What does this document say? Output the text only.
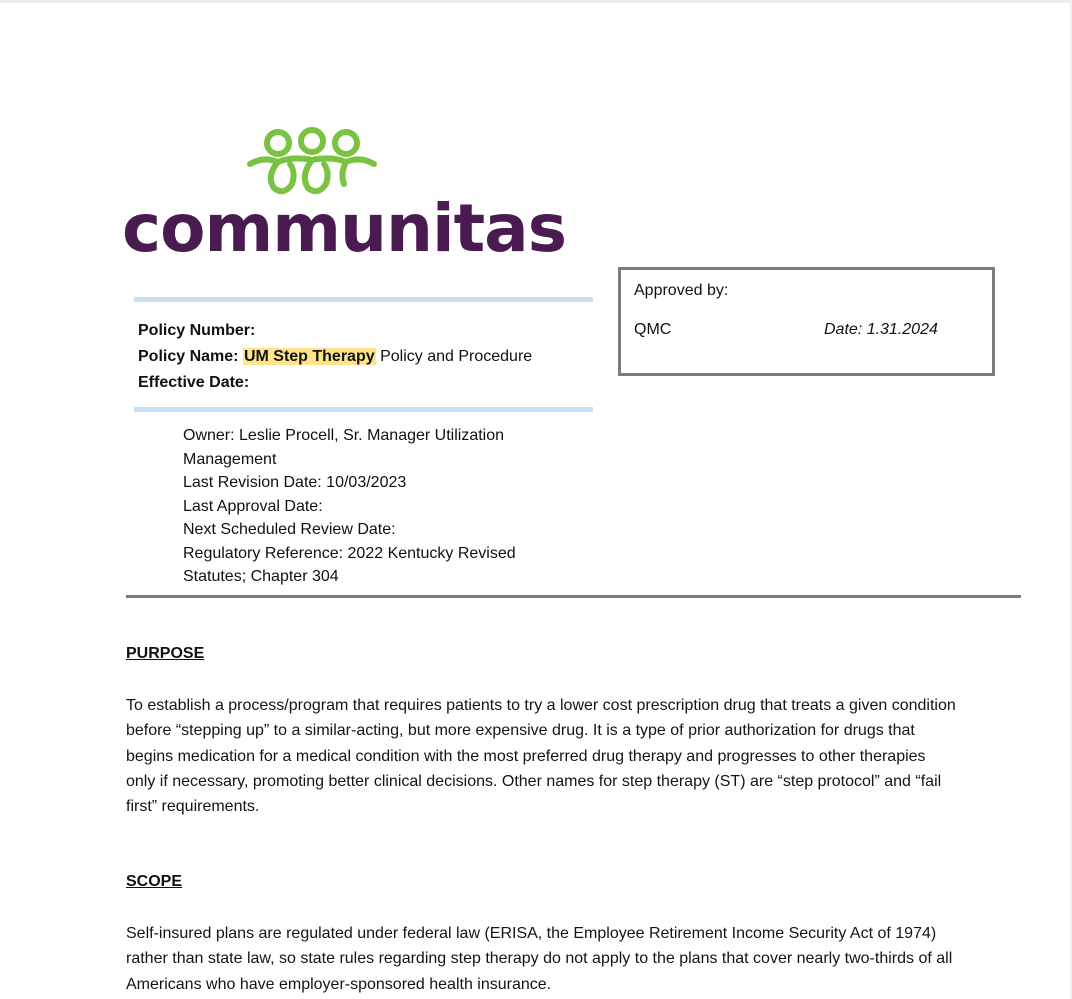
communitas
Policy Number:
Policy Name: UM Step Therapy Policy and Procedure
Effective Date:
Approved by:
QMC	Date: 1.31.2024
Owner: Leslie Procell, Sr. Manager Utilization
Management
Last Revision Date: 10/03/2023
Last Approval Date:
Next Scheduled Review Date:
Regulatory Reference: 2022 Kentucky Revised
Statutes; Chapter 304
PURPOSE

To establish a process/program that requires patients to try a lower cost prescription drug that treats a given condition before “stepping up” to a similar-acting, but more expensive drug. It is a type of prior authorization for drugs that begins medication for a medical condition with the most preferred drug therapy and progresses to other therapies only if necessary, promoting better clinical decisions. Other names for step therapy (ST) are “step protocol” and “fail first” requirements.

SCOPE

Self-insured plans are regulated under federal law (ERISA, the Employee Retirement Income Security Act of 1974) rather than state law, so state rules regarding step therapy do not apply to the plans that cover nearly two-thirds of all Americans who have employer-sponsored health insurance.
